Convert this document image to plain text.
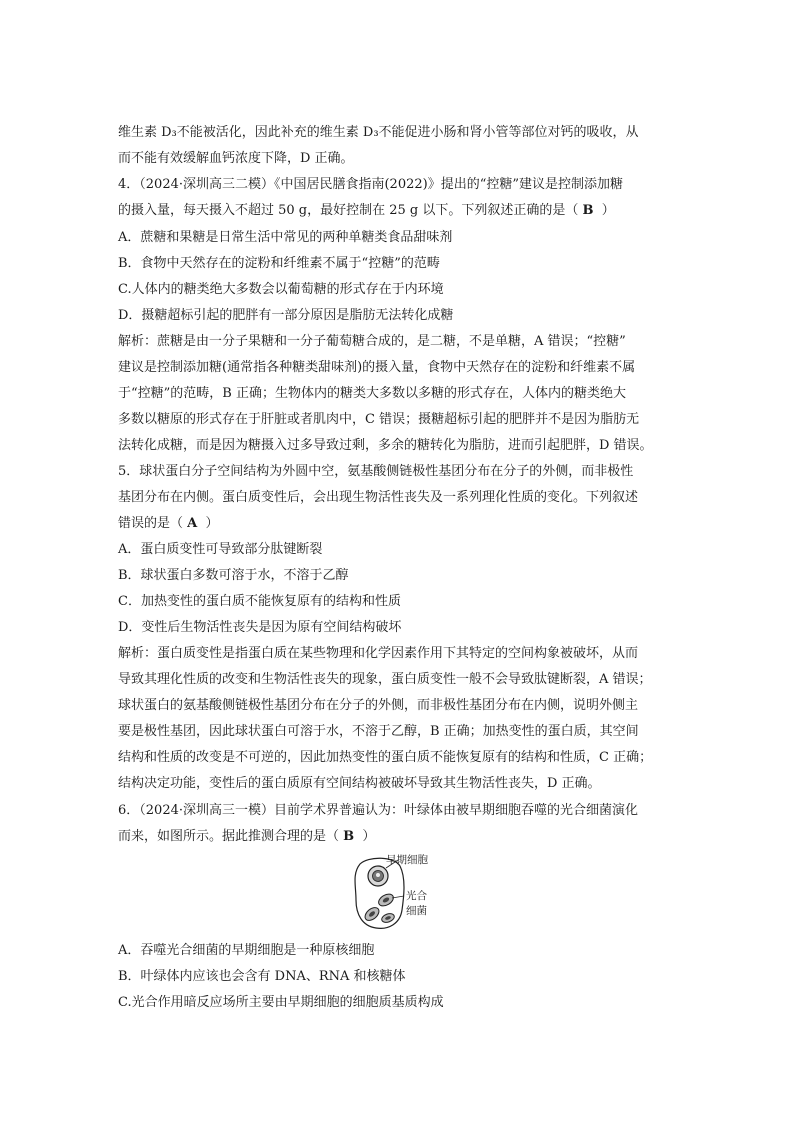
维生素 D₃不能被活化，因此补充的维生素 D₃不能促进小肠和肾小管等部位对钙的吸收，从
而不能有效缓解血钙浓度下降，D 正确。
4．（2024·深圳高三二模）《中国居民膳食指南(2022)》提出的“控糖”建议是控制添加糖
的摄入量，每天摄入不超过 50 g，最好控制在 25 g 以下。下列叙述正确的是（ B ）
A．蔗糖和果糖是日常生活中常见的两种单糖类食品甜味剂
B．食物中天然存在的淀粉和纤维素不属于“控糖”的范畴
C.人体内的糖类绝大多数会以葡萄糖的形式存在于内环境
D．摄糖超标引起的肥胖有一部分原因是脂肪无法转化成糖
解析：蔗糖是由一分子果糖和一分子葡萄糖合成的，是二糖，不是单糖，A 错误；“控糖”
建议是控制添加糖(通常指各种糖类甜味剂)的摄入量，食物中天然存在的淀粉和纤维素不属
于“控糖”的范畴，B 正确；生物体内的糖类大多数以多糖的形式存在，人体内的糖类绝大
多数以糖原的形式存在于肝脏或者肌肉中，C 错误；摄糖超标引起的肥胖并不是因为脂肪无
法转化成糖，而是因为糖摄入过多导致过剩，多余的糖转化为脂肪，进而引起肥胖，D 错误。
5．球状蛋白分子空间结构为外圆中空，氨基酸侧链极性基团分布在分子的外侧，而非极性
基团分布在内侧。蛋白质变性后，会出现生物活性丧失及一系列理化性质的变化。下列叙述
错误的是（ A ）
A．蛋白质变性可导致部分肽键断裂
B．球状蛋白多数可溶于水，不溶于乙醇
C．加热变性的蛋白质不能恢复原有的结构和性质
D．变性后生物活性丧失是因为原有空间结构破坏
解析：蛋白质变性是指蛋白质在某些物理和化学因素作用下其特定的空间构象被破坏，从而
导致其理化性质的改变和生物活性丧失的现象，蛋白质变性一般不会导致肽键断裂，A 错误；
球状蛋白的氨基酸侧链极性基团分布在分子的外侧，而非极性基团分布在内侧，说明外侧主
要是极性基团，因此球状蛋白可溶于水，不溶于乙醇，B 正确；加热变性的蛋白质，其空间
结构和性质的改变是不可逆的，因此加热变性的蛋白质不能恢复原有的结构和性质，C 正确；
结构决定功能，变性后的蛋白质原有空间结构被破坏导致其生物活性丧失，D 正确。
6．（2024·深圳高三一模）目前学术界普遍认为：叶绿体由被早期细胞吞噬的光合细菌演化
而来，如图所示。据此推测合理的是（ B ）
早期细胞
光合
细菌
A．吞噬光合细菌的早期细胞是一种原核细胞
B．叶绿体内应该也会含有 DNA、RNA 和核糖体
C.光合作用暗反应场所主要由早期细胞的细胞质基质构成
